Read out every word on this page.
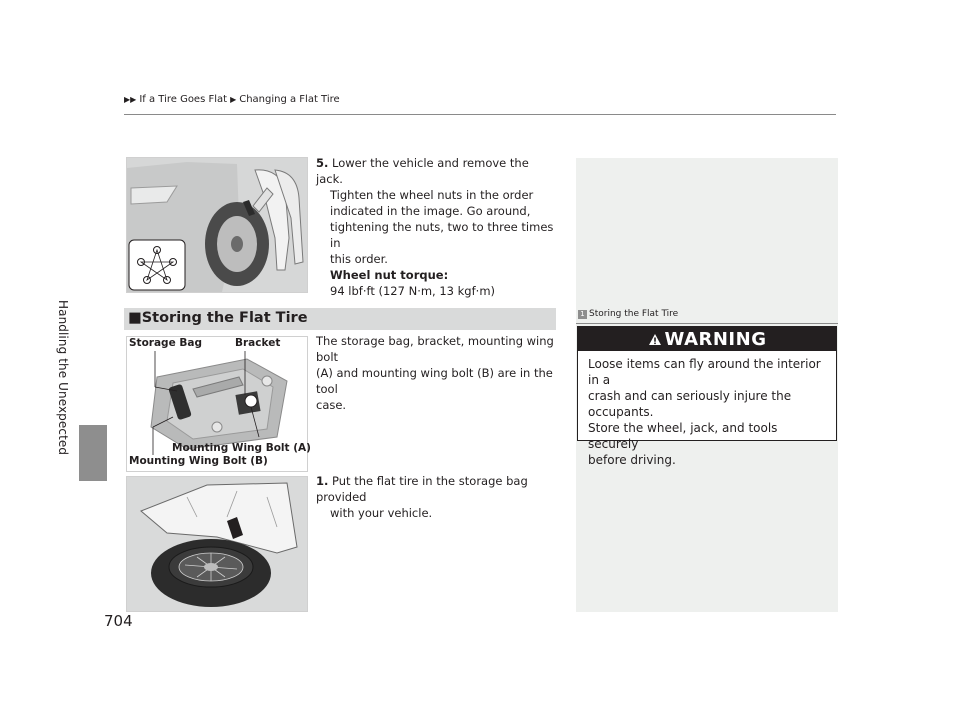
▶▶ If a Tire Goes Flat ▶ Changing a Flat Tire
Handling the Unexpected
5. Lower the vehicle and remove the jack.
Tighten the wheel nuts in the order
indicated in the image. Go around,
tightening the nuts, two to three times in
this order.
Wheel nut torque:
94 lbf·ft (127 N·m, 13 kgf·m)
■Storing the Flat Tire
Storage Bag	Bracket
Mounting Wing Bolt (A)
Mounting Wing Bolt (B)
The storage bag, bracket, mounting wing bolt
(A) and mounting wing bolt (B) are in the tool
case.
1. Put the flat tire in the storage bag provided
with your vehicle.
1 Storing the Flat Tire
WARNING
Loose items can fly around the interior in a
crash and can seriously injure the
occupants.
Store the wheel, jack, and tools securely
before driving.
704
